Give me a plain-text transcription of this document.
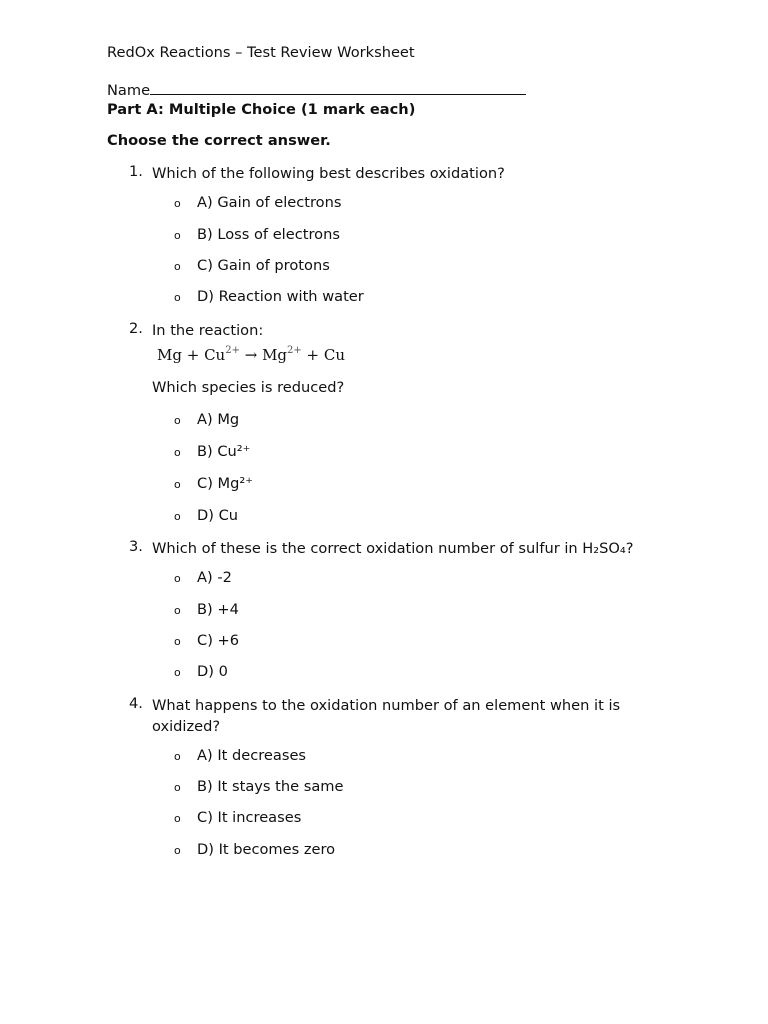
RedOx Reactions – Test Review Worksheet
Name
Part A: Multiple Choice (1 mark each)
Choose the correct answer.
1. Which of the following best describes oxidation?
o A) Gain of electrons
o B) Loss of electrons
o C) Gain of protons
o D) Reaction with water
2. In the reaction:
$Mg + Cu^{2+} \to Mg^{2+} + Cu$
Which species is reduced?
o A) Mg
o B) Cu²⁺
o C) Mg²⁺
o D) Cu
3. Which of these is the correct oxidation number of sulfur in H₂SO₄?
o A) -2
o B) +4
o C) +6
o D) 0
4. What happens to the oxidation number of an element when it is oxidized?
o A) It decreases
o B) It stays the same
o C) It increases
o D) It becomes zero
